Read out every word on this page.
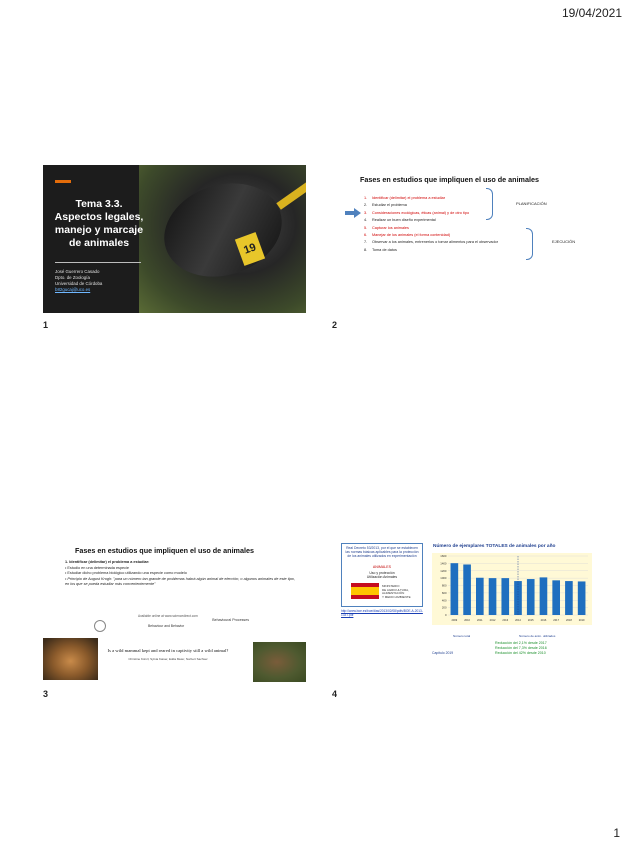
19/04/2021
19
Tema 3.3.
Aspectos legales,
manejo y marcaje
de animales
José Guerrero Casado
Dpto. de Zoología
Universidad de Córdoba
b82gucaj@uco.es
1
Fases en estudios que impliquen el uso de animales
1. Identificar (delimitar) el problema a estudiar
2. Estudiar el problema
3. Consideraciones ecológicas, éticas (animal) y de otro tipo
4. Realizar un buen diseño experimental
5. Capturar los animales
6. Manejar de los animales (el forma contenidad)
7. Observar a los animales, entrenerlos o tomar alimentos para el observador
8. Toma de datos
PLANIFICACIÓN
EJECUCIÓN
2
Fases en estudios que impliquen el uso de animales
1. Identificar (delimitar) el problema a estudiar:
• Estudio en una determinada especie
• Estudiar dicho problema biológico utilizando una especie como modelo
• Principio de August Krogh: "para un número tan grande de problemas habrá algún animal de elección, o algunos animales de este tipo, en los que se pueda estudiar más convenientemente"
Available online at www.sciencedirect.com
Behaviour and Behavior
Behavioural Processes
Is a wild mammal kept and reared in captivity still a wild animal?
Christine Künzl, Sylvia Kaiser, Edda Meier, Norbert Sachser
3
Real Decreto 53/2013, por el que se establecen las normas básicas aplicables para la protección de los animales utilizados en experimentación
ANIMALES
Uso y protección
Utilización Animales
MINISTERIO
DE AGRICULTURA,
ALIMENTACIÓN
Y MEDIO AMBIENTE
http://www.boe.es/boe/dias/2013/02/08/pdfs/BOE-A-2013-1337.pdf
Número de ejemplares TOTALES de animales por año
0
200
400
600
800
1000
1200
1400
1600
2009	2010	2011	2012	2013	2014	2015	2016	2017	2018	2019
Número total	Número de anim. utilizados
Reducción del 2,1% desde 2017
Reducción del 7,3% desde 2016
Reducción del 42% desde 2010
Capítulo 2019
4
1
